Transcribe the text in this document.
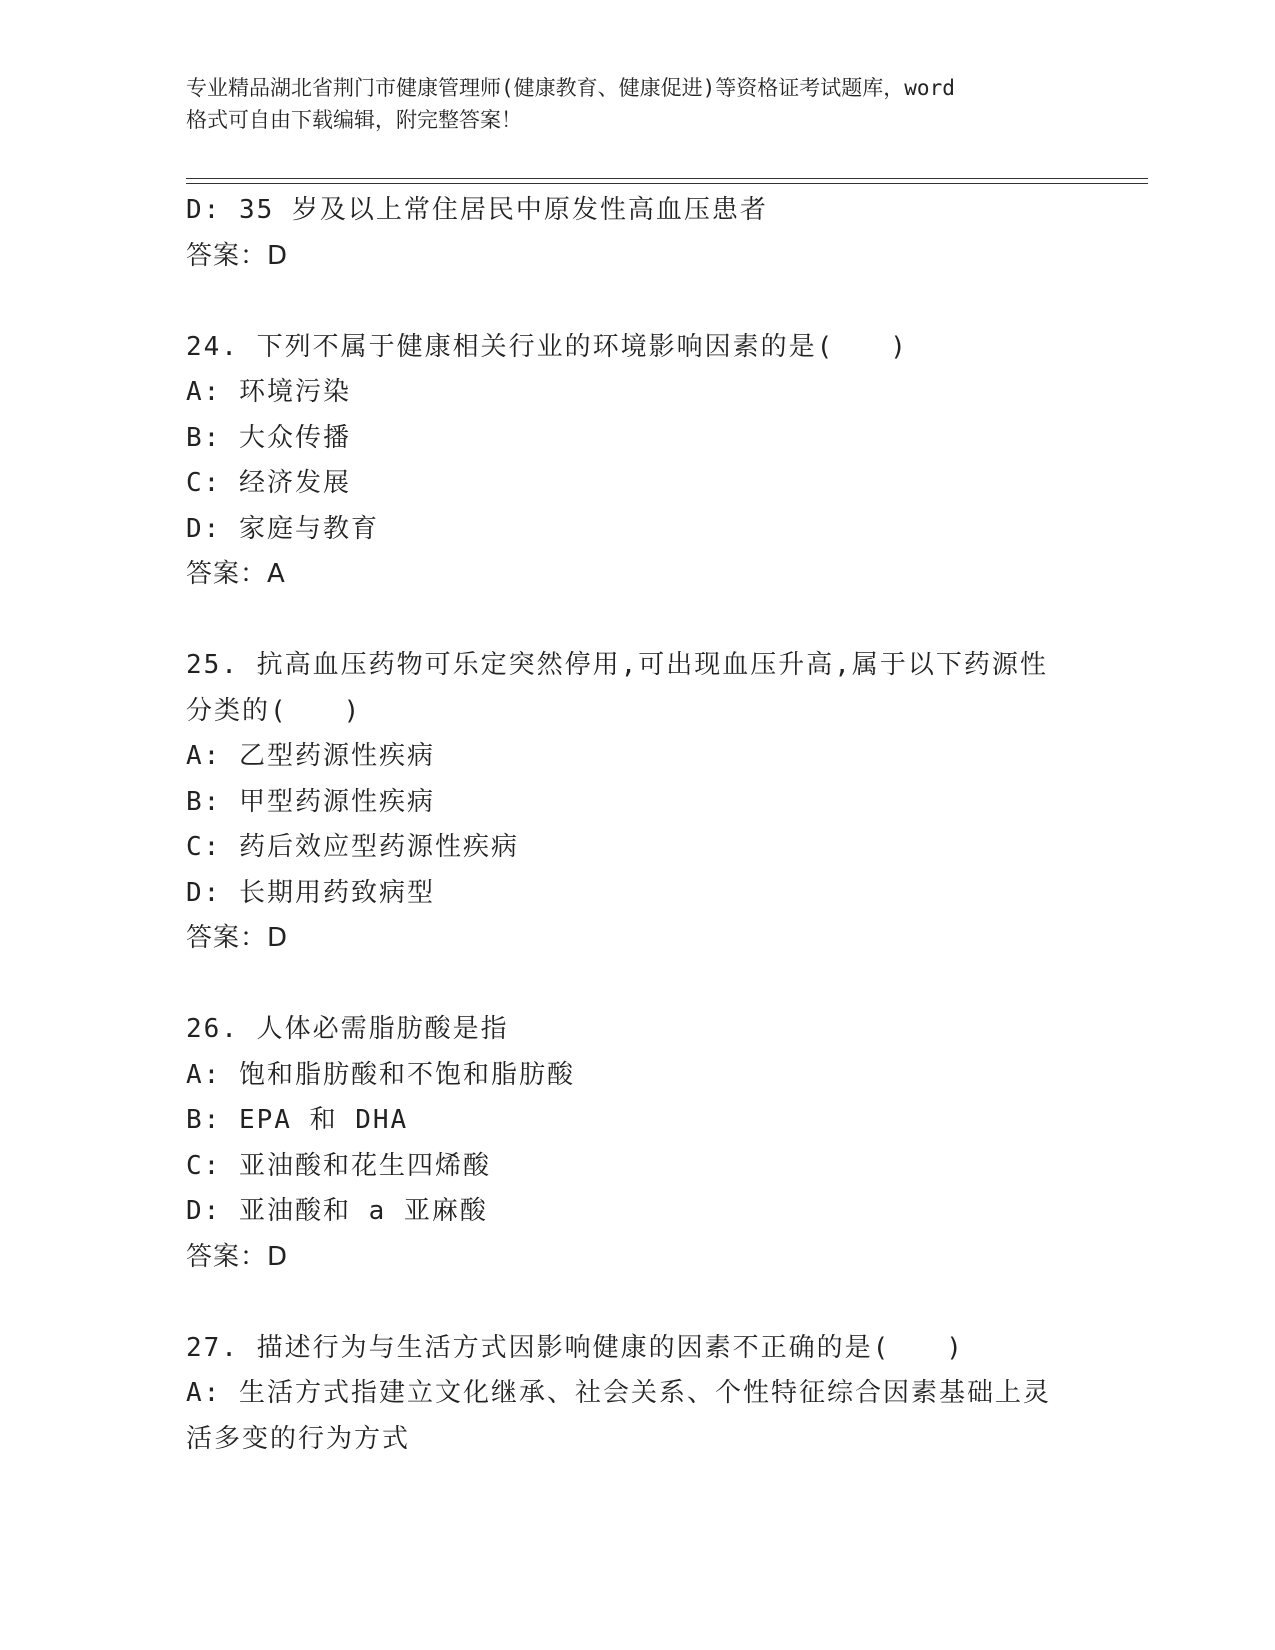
专业精品湖北省荆门市健康管理师(健康教育、健康促进)等资格证考试题库，word
格式可自由下载编辑，附完整答案！
D: 35 岁及以上常住居民中原发性高血压患者
答案：D
24. 下列不属于健康相关行业的环境影响因素的是(　　)
A: 环境污染
B: 大众传播
C: 经济发展
D: 家庭与教育
答案：A
25. 抗高血压药物可乐定突然停用,可出现血压升高,属于以下药源性
分类的(　　)
A: 乙型药源性疾病
B: 甲型药源性疾病
C: 药后效应型药源性疾病
D: 长期用药致病型
答案：D
26. 人体必需脂肪酸是指
A: 饱和脂肪酸和不饱和脂肪酸
B: EPA 和 DHA
C: 亚油酸和花生四烯酸
D: 亚油酸和 a 亚麻酸
答案：D
27. 描述行为与生活方式因影响健康的因素不正确的是(　　)
A: 生活方式指建立文化继承、社会关系、个性特征综合因素基础上灵
活多变的行为方式
